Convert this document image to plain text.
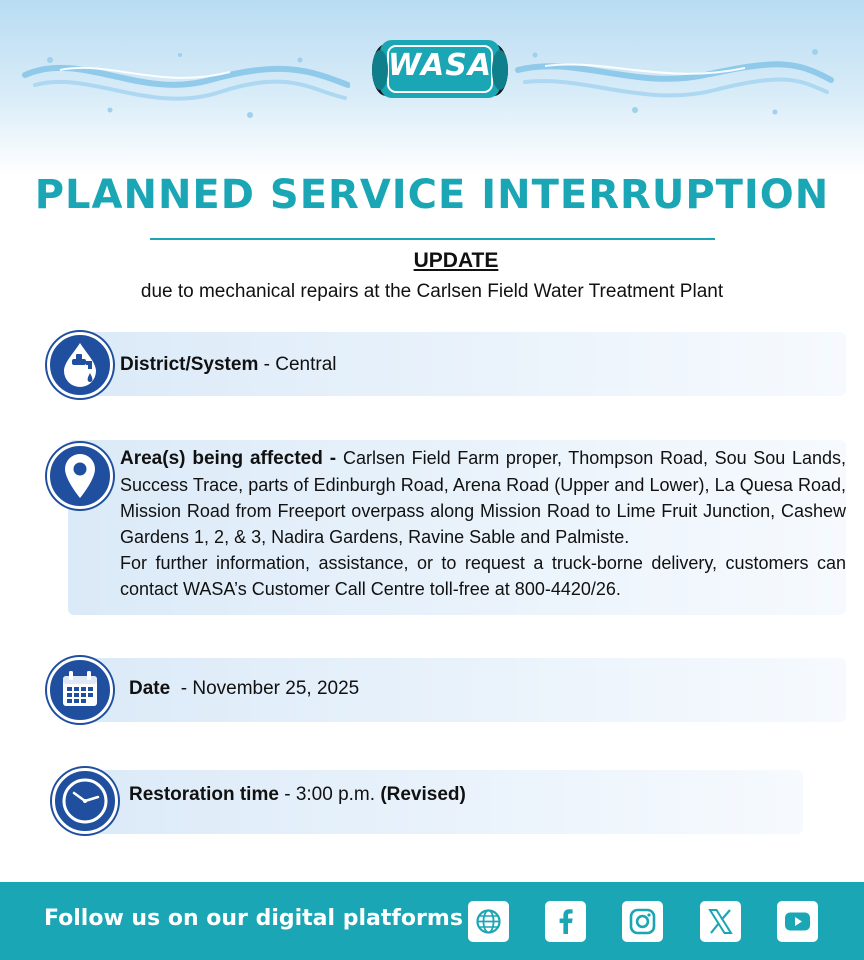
WASA
PLANNED SERVICE INTERRUPTION
UPDATE
due to mechanical repairs at the Carlsen Field Water Treatment Plant
District/System - Central
Area(s) being affected - Carlsen Field Farm proper, Thompson Road, Sou Sou Lands, Success Trace, parts of Edinburgh Road, Arena Road (Upper and Lower), La Quesa Road, Mission Road from Freeport overpass along Mission Road to Lime Fruit Junction, Cashew Gardens 1, 2, & 3, Nadira Gardens, Ravine Sable and Palmiste.
For further information, assistance, or to request a truck-borne delivery, customers can contact WASA’s Customer Call Centre toll-free at 800-4420/26.
Date  - November 25, 2025
Restoration time - 3:00 p.m. (Revised)
Follow us on our digital platforms
